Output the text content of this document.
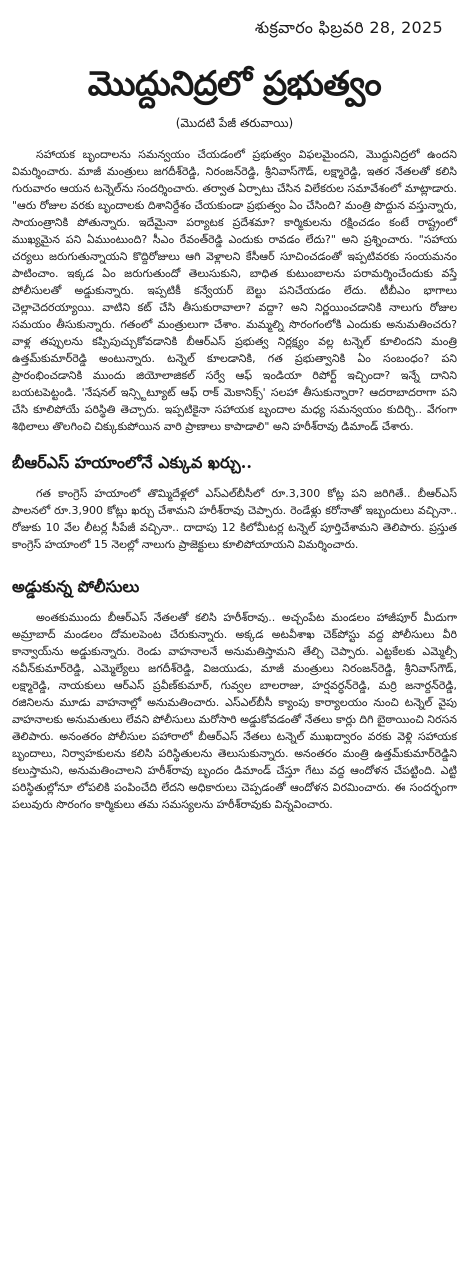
శుక్రవారం ఫిబ్రవరి 28, 2025
మొద్దునిద్రలో ప్రభుత్వం
(మొదటి పేజీ తరువాయి)

సహాయక బృందాలను సమన్వయం చేయడంలో ప్రభుత్వం విఫలమైందని, మొద్దునిద్రలో ఉందని విమర్శించారు. మాజీ మంత్రులు జగదీశ్‌రెడ్డి, నిరంజన్‌రెడ్డి, శ్రీనివాస్‌గౌడ్, లక్ష్మారెడ్డి, ఇతర నేతలతో కలిసి గురువారం ఆయన టన్నెల్‌ను సందర్శించారు. తర్వాత ఏర్పాటు చేసిన విలేకరుల సమావేశంలో మాట్లాడారు. "ఆరు రోజుల వరకు బృందాలకు దిశానిర్దేశం చేయకుండా ప్రభుత్వం ఏం చేసింది? మంత్రి పొద్దున వస్తున్నారు, సాయంత్రానికి పోతున్నారు. ఇదేమైనా పర్యాటక ప్రదేశమా? కార్మికులను రక్షించడం కంటే రాష్ట్రంలో ముఖ్యమైన పని ఏముంటుంది? సీఎం రేవంత్‌రెడ్డి ఎందుకు రావడం లేదు?" అని ప్రశ్నించారు. "సహాయ చర్యలు జరుగుతున్నాయని కొద్దిరోజులు ఆగి వెళ్లాలని కేసీఆర్ సూచించడంతో ఇప్పటివరకు సంయమనం పాటించాం. ఇక్కడ ఏం జరుగుతుందో తెలుసుకుని, బాధిత కుటుంబాలను పరామర్శించేందుకు వస్తే పోలీసులతో అడ్డుకున్నారు. ఇప్పటికీ కన్వేయర్ బెల్టు పనిచేయడం లేదు. టీబీఎం భాగాలు చెల్లాచెదరయ్యాయి. వాటిని కట్ చేసి తీసుకురావాలా? వద్దా? అని నిర్ణయించడానికి నాలుగు రోజుల సమయం తీసుకున్నారు. గతంలో మంత్రులుగా చేశాం. మమ్మల్ని సొరంగంలోకి ఎందుకు అనుమతించరు? వాళ్ల తప్పులను కప్పిపుచ్చుకోవడానికి బీఆర్ఎస్ ప్రభుత్వ నిర్లక్ష్యం వల్ల టన్నెల్ కూలిందని మంత్రి ఉత్తమ్‌కుమార్‌రెడ్డి అంటున్నారు. టన్నెల్ కూలడానికి, గత ప్రభుత్వానికి ఏం సంబంధం? పని ప్రారంభించడానికి ముందు జియోలాజికల్ సర్వే ఆఫ్ ఇండియా రిపోర్ట్ ఇచ్చిందా? ఇన్నే దానిని బయటపెట్టండి. 'నేషనల్ ఇన్స్టిట్యూట్ ఆఫ్ రాక్ మెకానిక్స్' సలహా తీసుకున్నారా? ఆదరాబాదరాగా పని చేసి కూలిపోయే పరిస్థితి తెచ్చారు. ఇప్పటికైనా సహాయక బృందాల మధ్య సమన్వయం కుదిర్చి.. వేగంగా శిథిలాలు తొలగించి చిక్కుకుపోయిన వారి ప్రాణాలు కాపాడాలి" అని హరీశ్‌రావు డిమాండ్ చేశారు.

బీఆర్ఎస్ హయాంలోనే ఎక్కువ ఖర్చు..

గత కాంగ్రెస్ హయాంలో తొమ్మిదేళ్లలో ఎస్ఎల్‌బీసీలో రూ.3,300 కోట్ల పని జరిగితే.. బీఆర్ఎస్ పాలనలో రూ.3,900 కోట్లు ఖర్చు చేశామని హరీశ్‌రావు చెప్పారు. రెండేళ్లు కరోనాతో ఇబ్బందులు వచ్చినా.. రోజుకు 10 వేల లీటర్ల సీపేజీ వచ్చినా.. దాదాపు 12 కిలోమీటర్ల టన్నెల్ పూర్తిచేశామని తెలిపారు. ప్రస్తుత కాంగ్రెస్ హయాంలో 15 నెలల్లో నాలుగు ప్రాజెక్టులు కూలిపోయాయని విమర్శించారు.

అడ్డుకున్న పోలీసులు

అంతకుముందు బీఆర్ఎస్ నేతలతో కలిసి హరీశ్‌రావు.. అచ్చంపేట మండలం హాజీపూర్ మీదుగా అమ్రాబాద్ మండలం దోమలపెంట చేరుకున్నారు. అక్కడ అటవీశాఖ చెక్‌పోస్టు వద్ద పోలీసులు వీరి కాన్వాయ్‌ను అడ్డుకున్నారు. రెండు వాహనాలనే అనుమతిస్తామని తేల్చి చెప్పారు. ఎట్టకేలకు ఎమ్మెల్సీ నవీన్‌కుమార్‌రెడ్డి, ఎమ్మెల్యేలు జగదీశ్‌రెడ్డి, విజయుడు, మాజీ మంత్రులు నిరంజన్‌రెడ్డి, శ్రీనివాస్‌గౌడ్, లక్ష్మారెడ్డి, నాయకులు ఆర్ఎస్ ప్రవీణ్‌కుమార్, గువ్వల బాలరాజు, హర్షవర్ధన్‌రెడ్డి, మర్రి జనార్దన్‌రెడ్డి, రజినిలను మూడు వాహనాల్లో అనుమతించారు. ఎస్ఎల్‌బీసీ క్యాంపు కార్యాలయం నుంచి టన్నెల్ వైపు వాహనాలకు అనుమతులు లేవని పోలీసులు మరోసారి అడ్డుకోవడంతో నేతలు కార్లు దిగి బైఠాయించి నిరసన తెలిపారు. అనంతరం పోలీసుల పహారాలో బీఆర్ఎస్ నేతలు టన్నెల్ ముఖద్వారం వరకు వెళ్లి సహాయక బృందాలు, నిర్వాహకులను కలిసి పరిస్థితులను తెలుసుకున్నారు. అనంతరం మంత్రి ఉత్తమ్‌కుమార్‌రెడ్డిని కలుస్తామని, అనుమతించాలని హరీశ్‌రావు బృందం డిమాండ్ చేస్తూ గేటు వద్ద ఆందోళన చేపట్టింది. ఎట్టి పరిస్థితుల్లోనూ లోపలికి పంపించేది లేదని అధికారులు చెప్పడంతో ఆందోళన విరమించారు. ఈ సందర్భంగా పలువురు సొరంగం కార్మికులు తమ సమస్యలను హరీశ్‌రావుకు విన్నవించారు.
